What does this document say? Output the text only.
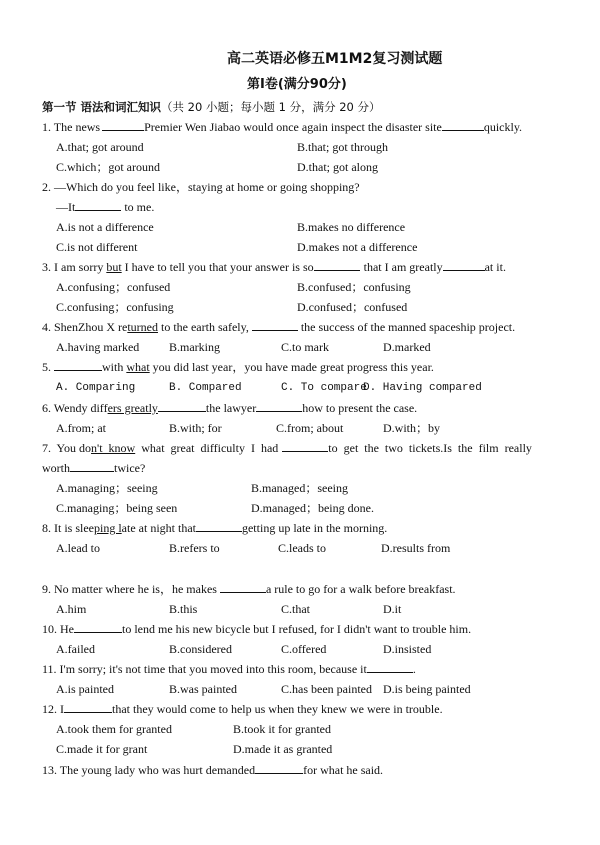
高二英语必修五M1M2复习测试题
第Ⅰ卷(满分90分)
第一节 语法和词汇知识（共 20 小题；每小题 1 分，满分 20 分）
1. The news	Premier Wen Jiabao would once again inspect the disaster site	quickly.
A.that; got around	B.that; got through
C.which；got around	D.that; got along
2. —Which do you feel like，staying at home or going shopping?
—It	to me.
A.is not a difference	B.makes no difference
C.is not different	D.makes not a difference
3. I am sorry but I have to tell you that your answer is so	that I am greatly	at it.
A.confusing；confused	B.confused；confusing
C.confusing；confusing	D.confused；confused
4. ShenZhou X returned to the earth safely,	the success of the manned spaceship project.
A.having marked B.marking	C.to mark	D.marked
5.	with what you did last year，you have made great progress this year.
A. Comparing	B. Compared	C. To compare
D. Having compared
6. Wendy differs greatly	the lawyer	how to present the case.
A.from; at	B.with; for	C.from; about	D.with；by
7.  You don't  know  what  great  difficulty  I  had	to  get  the  two  tickets.Is  the  film  really
worth	twice?
A.managing；seeing	B.managed；seeing
C.managing；being seen	D.managed；being done.
8. It is sleeping late at night that	getting up late in the morning.
A.lead to	B.refers to	C.leads to	D.results from
9. No matter where he is，he makes	a rule to go for a walk before breakfast.
A.him	B.this	C.that	D.it
10. He	to lend me his new bicycle but I refused, for I didn't want to trouble him.
A.failed	B.considered	C.offered	D.insisted
11. I'm sorry; it's not time that you moved into this room, because it	.
A.is painted	B.was painted	C.has been painted D.is being painted
12. I	that they would come to help us when they knew we were in trouble.
A.took them for granted	B.took it for granted
C.made it for grant	D.made it as granted
13. The young lady who was hurt demanded	for what he said.
